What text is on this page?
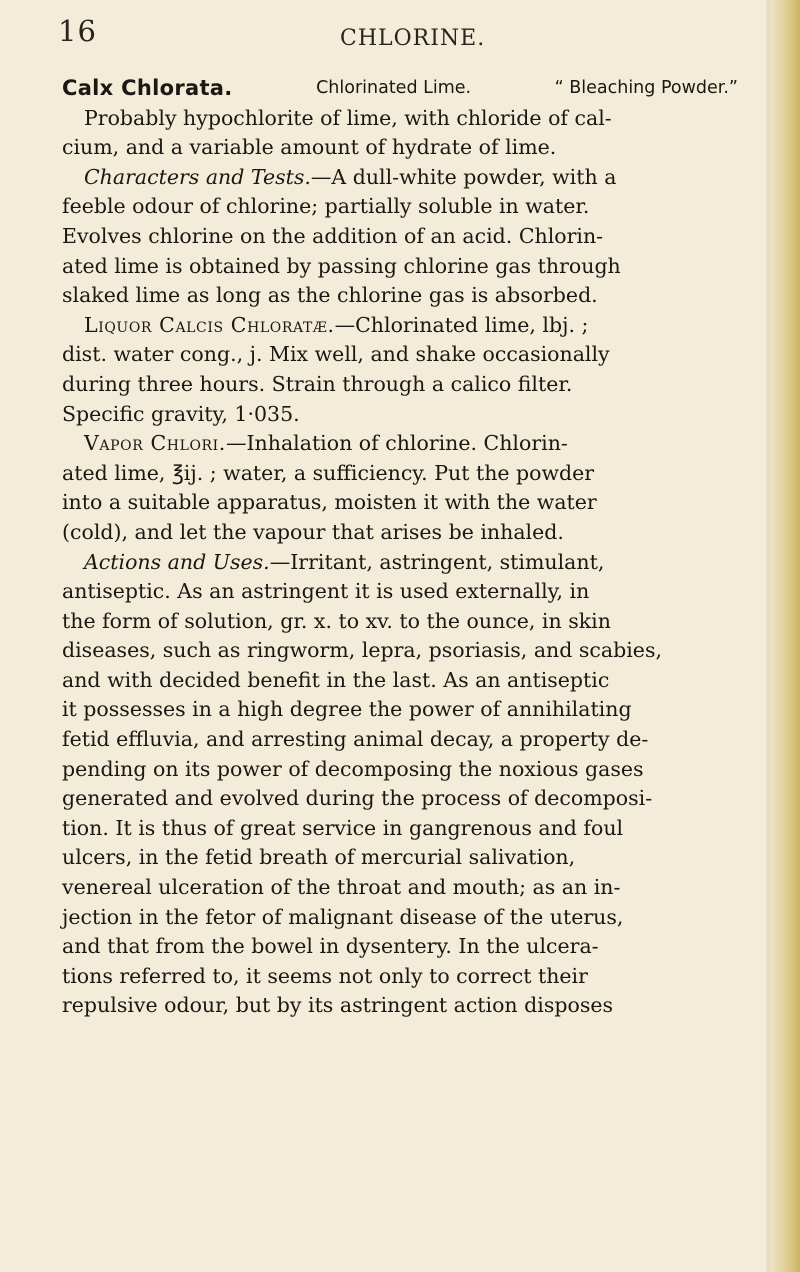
16	CHLORINE.
Calx Chlorata.	Chlorinated Lime.	“ Bleaching Powder.”
Probably hypochlorite of lime, with chloride of cal-
cium, and a variable amount of hydrate of lime.
Characters and Tests.—A dull-white powder, with a
feeble odour of chlorine; partially soluble in water.
Evolves chlorine on the addition of an acid. Chlorin-
ated lime is obtained by passing chlorine gas through
slaked lime as long as the chlorine gas is absorbed.
Liquor Calcis Chloratæ.—Chlorinated lime, lbj. ;
dist. water cong., j. Mix well, and shake occasionally
during three hours. Strain through a calico filter.
Specific gravity, 1·035.
Vapor Chlori.—Inhalation of chlorine. Chlorin-
ated lime, ℥ij. ; water, a sufficiency. Put the powder
into a suitable apparatus, moisten it with the water
(cold), and let the vapour that arises be inhaled.
Actions and Uses.—Irritant, astringent, stimulant,
antiseptic. As an astringent it is used externally, in
the form of solution, gr. x. to xv. to the ounce, in skin
diseases, such as ringworm, lepra, psoriasis, and scabies,
and with decided benefit in the last. As an antiseptic
it possesses in a high degree the power of annihilating
fetid effluvia, and arresting animal decay, a property de-
pending on its power of decomposing the noxious gases
generated and evolved during the process of decomposi-
tion. It is thus of great service in gangrenous and foul
ulcers, in the fetid breath of mercurial salivation,
venereal ulceration of the throat and mouth; as an in-
jection in the fetor of malignant disease of the uterus,
and that from the bowel in dysentery. In the ulcera-
tions referred to, it seems not only to correct their
repulsive odour, but by its astringent action disposes
